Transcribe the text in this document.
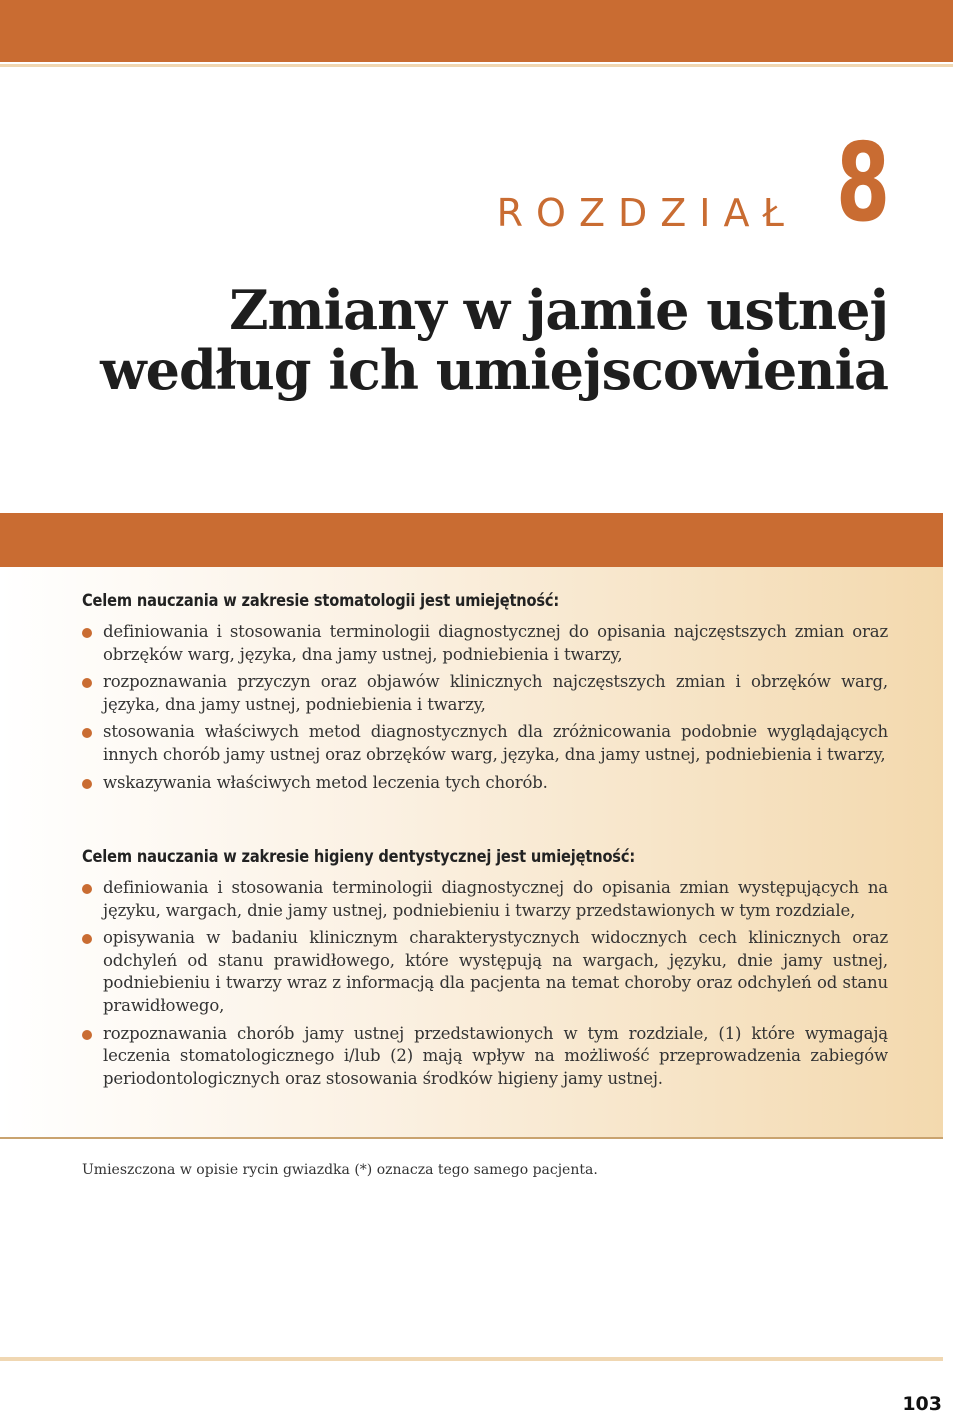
ROZDZIAŁ 8
Zmiany w jamie ustnej
według ich umiejscowienia
Celem nauczania w zakresie stomatologii jest umiejętność:
definiowania i stosowania terminologii diagnostycznej do opisania najczęstszych zmian oraz obrzęków warg, języka, dna jamy ustnej, podniebienia i twarzy,
rozpoznawania przyczyn oraz objawów klinicznych najczęstszych zmian i obrzęków warg, języka, dna jamy ustnej, podniebienia i twarzy,
stosowania właściwych metod diagnostycznych dla zróżnicowania podobnie wyglądających innych chorób jamy ustnej oraz obrzęków warg, języka, dna jamy ustnej, podniebienia i twarzy,
wskazywania właściwych metod leczenia tych chorób.
Celem nauczania w zakresie higieny dentystycznej jest umiejętność:
definiowania i stosowania terminologii diagnostycznej do opisania zmian występujących na języku, wargach, dnie jamy ustnej, podniebieniu i twarzy przedstawionych w tym rozdziale,
opisywania w badaniu klinicznym charakterystycznych widocznych cech klinicznych oraz odchyleń od stanu prawidłowego, które występują na wargach, języku, dnie jamy ustnej, podniebieniu i twarzy wraz z informacją dla pacjenta na temat choroby oraz odchyleń od stanu prawidłowego,
rozpoznawania chorób jamy ustnej przedstawionych w tym rozdziale, (1) które wymagają leczenia stomatologicznego i/lub (2) mają wpływ na możliwość przeprowadzenia zabiegów periodontologicznych oraz stosowania środków higieny jamy ustnej.
Umieszczona w opisie rycin gwiazdka (*) oznacza tego samego pacjenta.
103
